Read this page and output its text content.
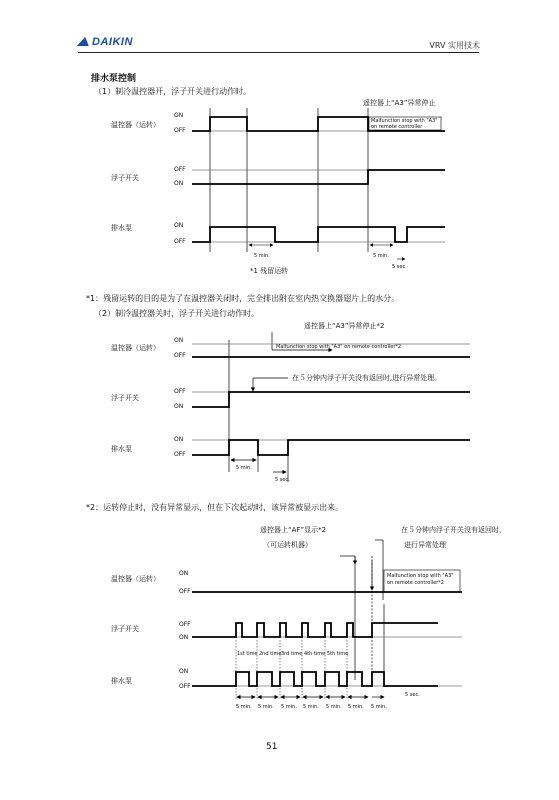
DAIKIN	VRV 实用技术
排水泵控制
（1）制冷温控器开，浮子开关进行动作时。
遥控器上“A3”异常停止
Malfunction stop with "A3"
on remote controller
温控器（运转）
ON
OFF
浮子开关
OFF
ON
排水泵	ON
OFF
5 min.	5 min.
5 sec.
*1 残留运转
*1：残留运转的目的是为了在温控器关闭时，完全排出附在室内热交换器翅片上的水分。
（2）制冷温控器关时，浮子开关进行动作时。
遥控器上“A3”异常停止*2
Malfunction stop with "A3" on remote controller*2
在５分钟内浮子开关没有返回时,进行异常处理。
温控器（运转）
ON
OFF
浮子开关
OFF
ON
排水泵
ON
OFF
5 min.
5 sec.
*2：运转停止时，没有异常显示，但在下次起动时，该异常被显示出来。
遥控器上“AF”显示*2
（可运转机器）
在５分钟内浮子开关没有返回时，
进行异常处理
Malfunction stop with "A3"
on remote controller*2
温控器（运转）
ON
OFF
浮子开关
OFF
ON
排水泵
ON
OFF
1st time 2nd time 3rd time 4th time 5th time
5 min. 5 min. 5 min. 5 min. 5 min. 5 min. 5 min.
5 sec.
51
